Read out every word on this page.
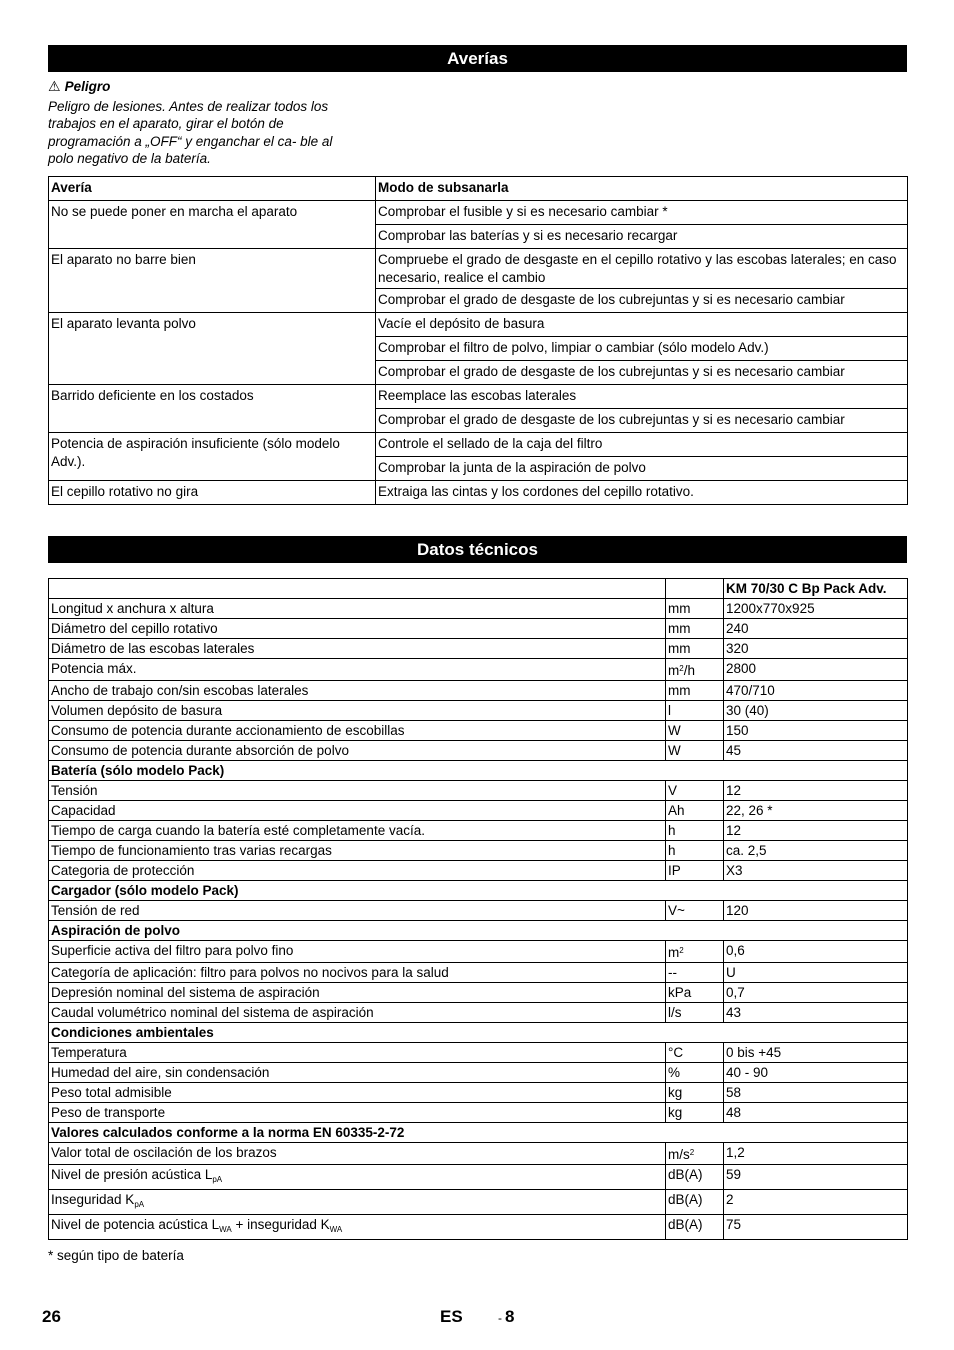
Averías
⚠ Peligro
Peligro de lesiones. Antes de realizar todos los trabajos en el aparato, girar el botón de programación a „OFF“ y enganchar el ca- ble al polo negativo de la batería.
Avería	Modo de subsanarla
No se puede poner en marcha el aparato	Comprobar el fusible y si es necesario cambiar *
	Comprobar las baterías y si es necesario recargar
El aparato no barre bien	Compruebe el grado de desgaste en el cepillo rotativo y las escobas laterales; en caso necesario, realice el cambio
	Comprobar el grado de desgaste de los cubrejuntas y si es necesario cambiar
El aparato levanta polvo	Vacíe el depósito de basura
	Comprobar el filtro de polvo, limpiar o cambiar (sólo modelo Adv.)
	Comprobar el grado de desgaste de los cubrejuntas y si es necesario cambiar
Barrido deficiente en los costados	Reemplace las escobas laterales
	Comprobar el grado de desgaste de los cubrejuntas y si es necesario cambiar
Potencia de aspiración insuficiente (sólo modelo Adv.).	Controle el sellado de la caja del filtro
	Comprobar la junta de la aspiración de polvo
El cepillo rotativo no gira	Extraiga las cintas y los cordones del cepillo rotativo.
Datos técnicos
		KM 70/30 C Bp Pack Adv.
Longitud x anchura x altura	mm	1200x770x925
Diámetro del cepillo rotativo	mm	240
Diámetro de las escobas laterales	mm	320
Potencia máx.	$m^2/h$	2800
Ancho de trabajo con/sin escobas laterales	mm	470/710
Volumen depósito de basura	l	30 (40)
Consumo de potencia durante accionamiento de escobillas	W	150
Consumo de potencia durante absorción de polvo	W	45
Batería (sólo modelo Pack)		
Tensión	V	12
Capacidad	Ah	22, 26 *
Tiempo de carga cuando la batería esté completamente vacía.	h	12
Tiempo de funcionamiento tras varias recargas	h	ca. 2,5
Categoria de protección	IP	X3
Cargador (sólo modelo Pack)		
Tensión de red	V~	120
Aspiración de polvo		
Superficie activa del filtro para polvo fino	$m^2$	0,6
Categoría de aplicación: filtro para polvos no nocivos para la salud	--	U
Depresión nominal del sistema de aspiración	kPa	0,7
Caudal volumétrico nominal del sistema de aspiración	l/s	43
Condiciones ambientales		
Temperatura	°C	0 bis +45
Humedad del aire, sin condensación	%	40 - 90
Peso total admisible	kg	58
Peso de transporte	kg	48
Valores calculados conforme a la norma EN 60335-2-72		
Valor total de oscilación de los brazos	$m/s^2$	1,2
Nivel de presión acústica $L_{pA}$	dB(A)	59
Inseguridad $K_{pA}$	dB(A)	2
Nivel de potencia acústica $L_{WA}$ + inseguridad $K_{WA}$	dB(A)	75
* según tipo de batería
26	ES	- 8
